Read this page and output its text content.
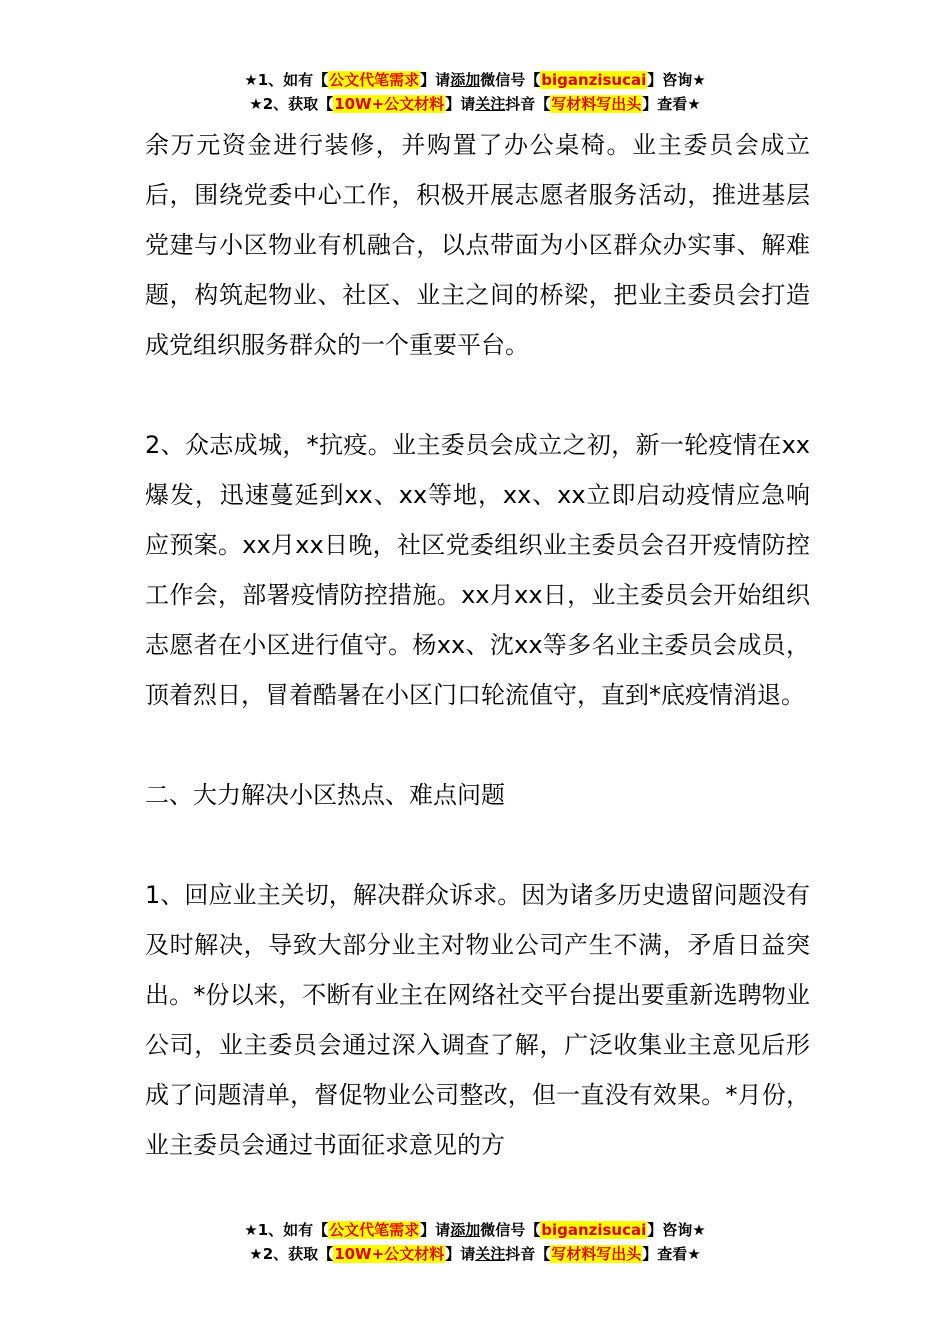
★1、如有【公文代笔需求】请添加微信号【biganzisucai】咨询★
★2、获取【10W+公文材料】请关注抖音【写材料写出头】查看★

余万元资金进行装修，并购置了办公桌椅。业主委员会成立后，围绕党委中心工作，积极开展志愿者服务活动，推进基层党建与小区物业有机融合，以点带面为小区群众办实事、解难题，构筑起物业、社区、业主之间的桥梁，把业主委员会打造成党组织服务群众的一个重要平台。

2、众志成城，*抗疫。业主委员会成立之初，新一轮疫情在xx爆发，迅速蔓延到xx、xx等地，xx、xx立即启动疫情应急响应预案。xx月xx日晚，社区党委组织业主委员会召开疫情防控工作会，部署疫情防控措施。xx月xx日，业主委员会开始组织志愿者在小区进行值守。杨xx、沈xx等多名业主委员会成员，顶着烈日，冒着酷暑在小区门口轮流值守，直到*底疫情消退。

二、大力解决小区热点、难点问题

1、回应业主关切，解决群众诉求。因为诸多历史遗留问题没有及时解决，导致大部分业主对物业公司产生不满，矛盾日益突出。*份以来，不断有业主在网络社交平台提出要重新选聘物业公司，业主委员会通过深入调查了解，广泛收集业主意见后形成了问题清单，督促物业公司整改，但一直没有效果。*月份，业主委员会通过书面征求意见的方

★1、如有【公文代笔需求】请添加微信号【biganzisucai】咨询★
★2、获取【10W+公文材料】请关注抖音【写材料写出头】查看★
